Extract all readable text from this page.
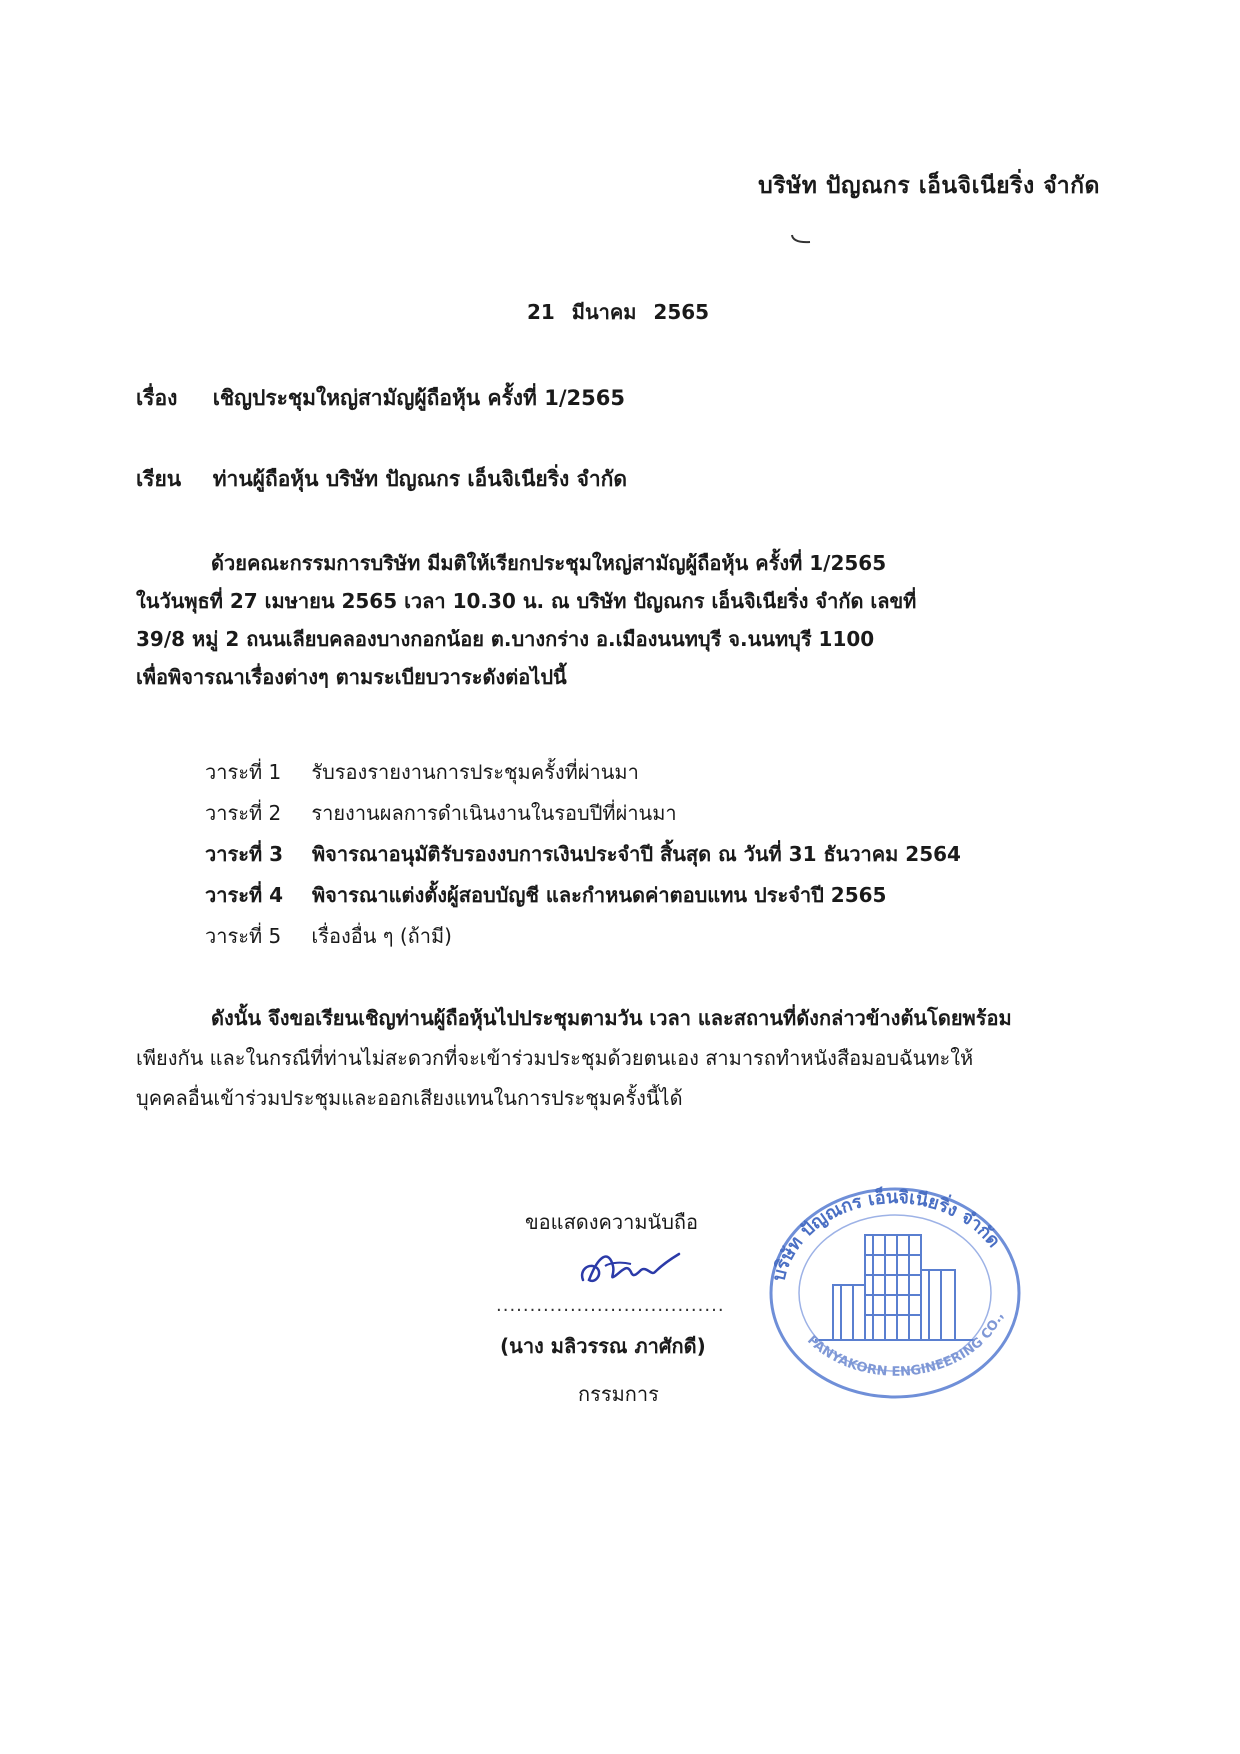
บริษัท ปัญณกร เอ็นจิเนียริ่ง จำกัด
21 มีนาคม 2565
เรื่อง เชิญประชุมใหญ่สามัญผู้ถือหุ้น ครั้งที่ 1/2565
เรียน ท่านผู้ถือหุ้น บริษัท ปัญณกร เอ็นจิเนียริ่ง จำกัด
ด้วยคณะกรรมการบริษัท มีมติให้เรียกประชุมใหญ่สามัญผู้ถือหุ้น ครั้งที่ 1/2565
ในวันพุธที่ 27 เมษายน 2565 เวลา 10.30 น. ณ บริษัท ปัญณกร เอ็นจิเนียริ่ง จำกัด เลขที่
39/8 หมู่ 2 ถนนเลียบคลองบางกอกน้อย ต.บางกร่าง อ.เมืองนนทบุรี จ.นนทบุรี 1100
เพื่อพิจารณาเรื่องต่างๆ ตามระเบียบวาระดังต่อไปนี้
วาระที่ 1 รับรองรายงานการประชุมครั้งที่ผ่านมา
วาระที่ 2 รายงานผลการดำเนินงานในรอบปีที่ผ่านมา
วาระที่ 3 พิจารณาอนุมัติรับรองงบการเงินประจำปี สิ้นสุด ณ วันที่ 31 ธันวาคม 2564
วาระที่ 4 พิจารณาแต่งตั้งผู้สอบบัญชี และกำหนดค่าตอบแทน ประจำปี 2565
วาระที่ 5 เรื่องอื่น ๆ (ถ้ามี)
ดังนั้น จึงขอเรียนเชิญท่านผู้ถือหุ้นไปประชุมตามวัน เวลา และสถานที่ดังกล่าวข้างต้นโดยพร้อม
เพียงกัน และในกรณีที่ท่านไม่สะดวกที่จะเข้าร่วมประชุมด้วยตนเอง สามารถทำหนังสือมอบฉันทะให้
บุคคลอื่นเข้าร่วมประชุมและออกเสียงแทนในการประชุมครั้งนี้ได้
ขอแสดงความนับถือ
..................................
(นาง มลิวรรณ ภาศักดี)
กรรมการ
บริษัท ปัญณกร เอ็นจิเนียริ่ง จำกัด
PANYAKORN ENGINEERING CO.,
